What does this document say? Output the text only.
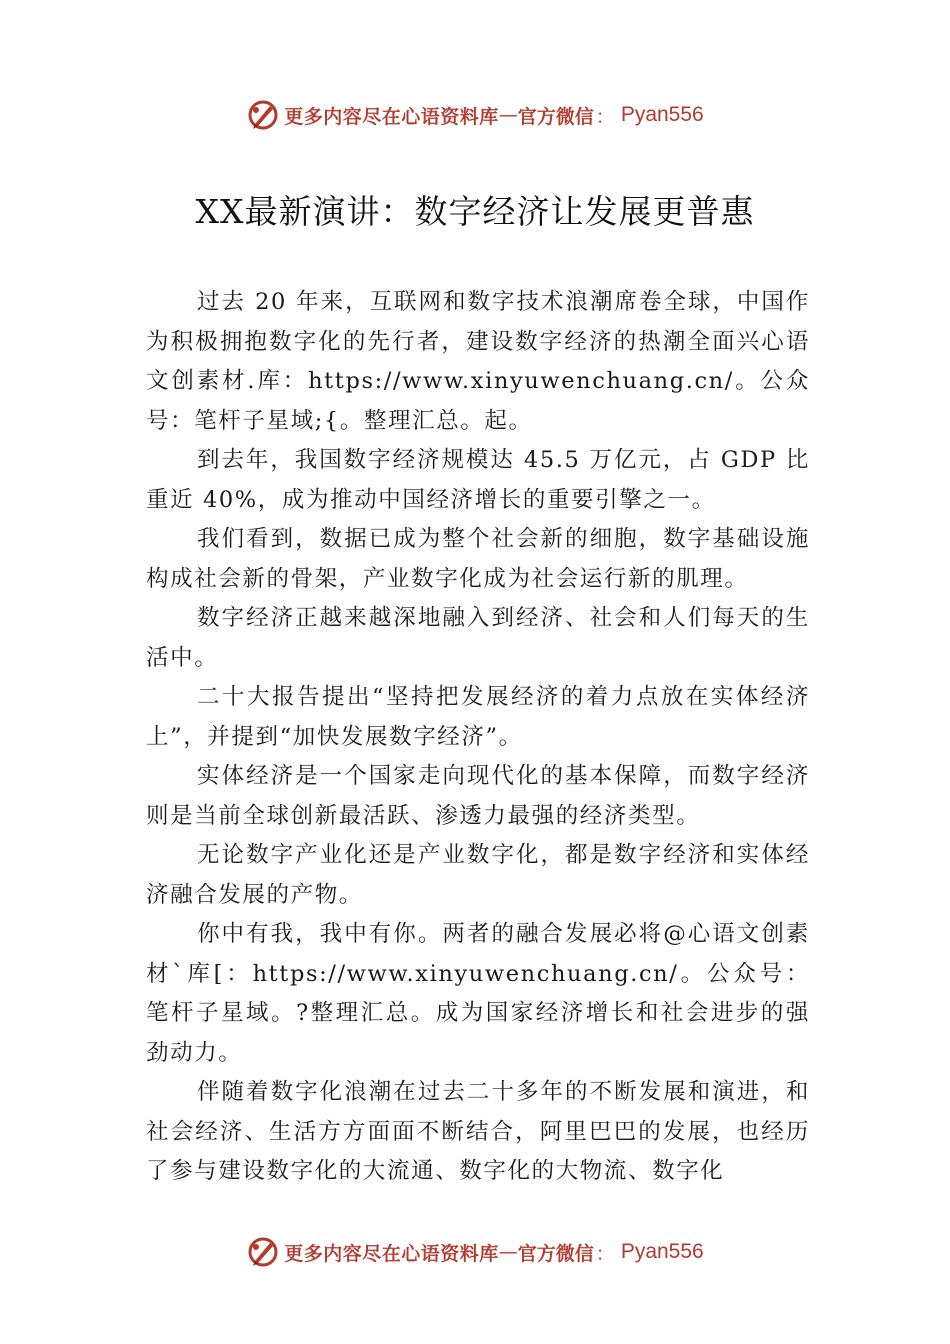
更多内容尽在心语资料库 — 官方微信 ： Pyan556
XX最新演讲：数字经济让发展更普惠

过去 20 年来，互联网和数字技术浪潮席卷全球，中国作为积极拥抱数字化的先行者，建设数字经济的热潮全面兴心语文创素材.库：https://www.xinyuwenchuang.cn/。公众号：笔杆子星域;{。整理汇总。起。

到去年，我国数字经济规模达 45.5 万亿元，占 GDP 比重近 40%，成为推动中国经济增长的重要引擎之一。

我们看到，数据已成为整个社会新的细胞，数字基础设施构成社会新的骨架，产业数字化成为社会运行新的肌理。

数字经济正越来越深地融入到经济、社会和人们每天的生活中。

二十大报告提出“坚持把发展经济的着力点放在实体经济上”，并提到“加快发展数字经济”。

实体经济是一个国家走向现代化的基本保障，而数字经济则是当前全球创新最活跃、渗透力最强的经济类型。

无论数字产业化还是产业数字化，都是数字经济和实体经济融合发展的产物。

你中有我，我中有你。两者的融合发展必将@心语文创素材`库[：https://www.xinyuwenchuang.cn/。公众号：笔杆子星域。?整理汇总。成为国家经济增长和社会进步的强劲动力。

伴随着数字化浪潮在过去二十多年的不断发展和演进，和社会经济、生活方方面面不断结合，阿里巴巴的发展，也经历了参与建设数字化的大流通、数字化的大物流、数字化

更多内容尽在心语资料库 — 官方微信 ： Pyan556
